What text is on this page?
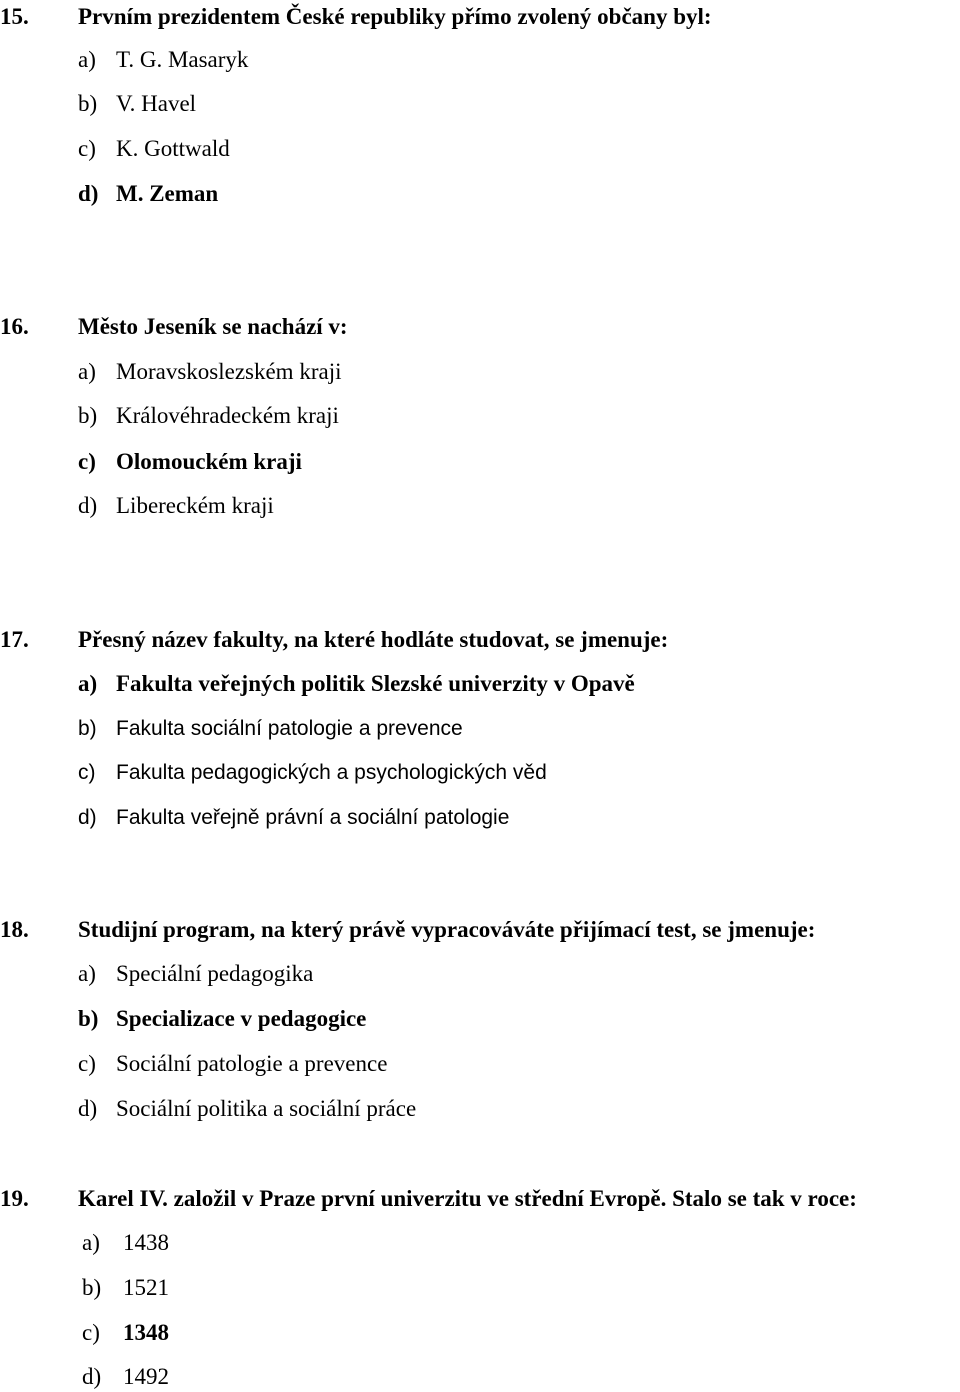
15. Prvním prezidentem České republiky přímo zvolený občany byl:
a) T. G. Masaryk
b) V. Havel
c) K. Gottwald
d) M. Zeman
16. Město Jeseník se nachází v:
a) Moravskoslezském kraji
b) Královéhradeckém kraji
c) Olomouckém kraji
d) Libereckém kraji
17. Přesný název fakulty, na které hodláte studovat, se jmenuje:
a) Fakulta veřejných politik Slezské univerzity v Opavě
b) Fakulta sociální patologie a prevence
c) Fakulta pedagogických a psychologických věd
d) Fakulta veřejně právní a sociální patologie
18. Studijní program, na který právě vypracováváte přijímací test, se jmenuje:
a) Speciální pedagogika
b) Specializace v pedagogice
c) Sociální patologie a prevence
d) Sociální politika a sociální práce
19. Karel IV. založil v Praze první univerzitu ve střední Evropě. Stalo se tak v roce:
a) 1438
b) 1521
c) 1348
d) 1492
